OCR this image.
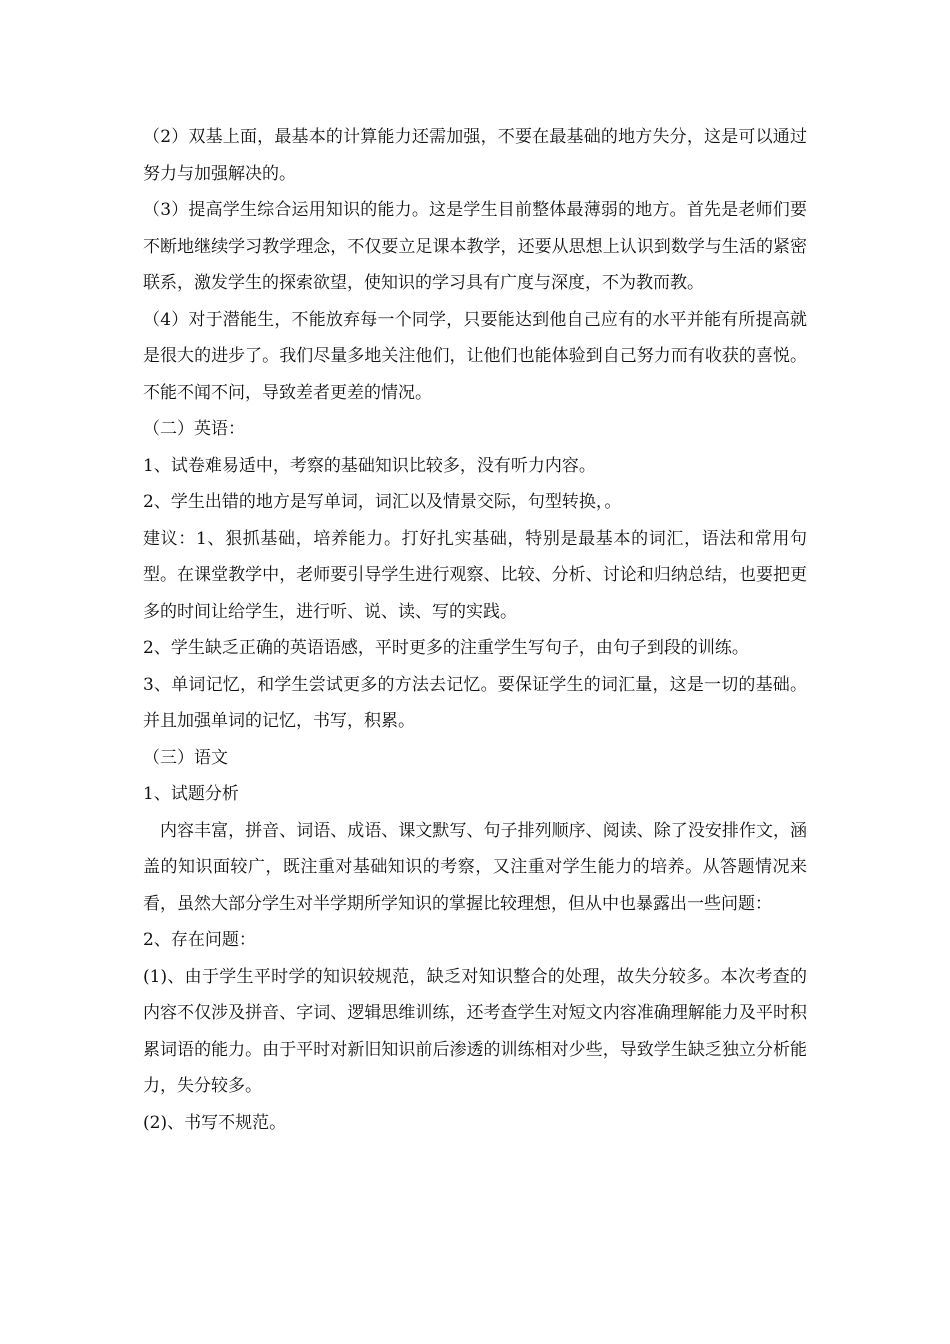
（2）双基上面，最基本的计算能力还需加强，不要在最基础的地方失分，这是可以通过努力与加强解决的。

（3）提高学生综合运用知识的能力。这是学生目前整体最薄弱的地方。首先是老师们要不断地继续学习教学理念，不仅要立足课本教学，还要从思想上认识到数学与生活的紧密联系，激发学生的探索欲望，使知识的学习具有广度与深度，不为教而教。

（4）对于潜能生，不能放弃每一个同学，只要能达到他自己应有的水平并能有所提高就是很大的进步了。我们尽量多地关注他们，让他们也能体验到自己努力而有收获的喜悦。不能不闻不问，导致差者更差的情况。

（二）英语：

1、试卷难易适中，考察的基础知识比较多，没有听力内容。

2、学生出错的地方是写单词，词汇以及情景交际，句型转换，。

建议：1、狠抓基础，培养能力。打好扎实基础，特别是最基本的词汇，语法和常用句型。在课堂教学中，老师要引导学生进行观察、比较、分析、讨论和归纳总结，也要把更多的时间让给学生，进行听、说、读、写的实践。

2、学生缺乏正确的英语语感，平时更多的注重学生写句子，由句子到段的训练。

3、单词记忆，和学生尝试更多的方法去记忆。要保证学生的词汇量，这是一切的基础。并且加强单词的记忆，书写，积累。

（三）语文

1、试题分析

内容丰富，拼音、词语、成语、课文默写、句子排列顺序、阅读、除了没安排作文，涵盖的知识面较广，既注重对基础知识的考察，又注重对学生能力的培养。从答题情况来看，虽然大部分学生对半学期所学知识的掌握比较理想，但从中也暴露出一些问题：

2、存在问题：

(1)、由于学生平时学的知识较规范，缺乏对知识整合的处理，故失分较多。本次考查的内容不仅涉及拼音、字词、逻辑思维训练，还考查学生对短文内容准确理解能力及平时积累词语的能力。由于平时对新旧知识前后渗透的训练相对少些，导致学生缺乏独立分析能力，失分较多。

(2)、书写不规范。
